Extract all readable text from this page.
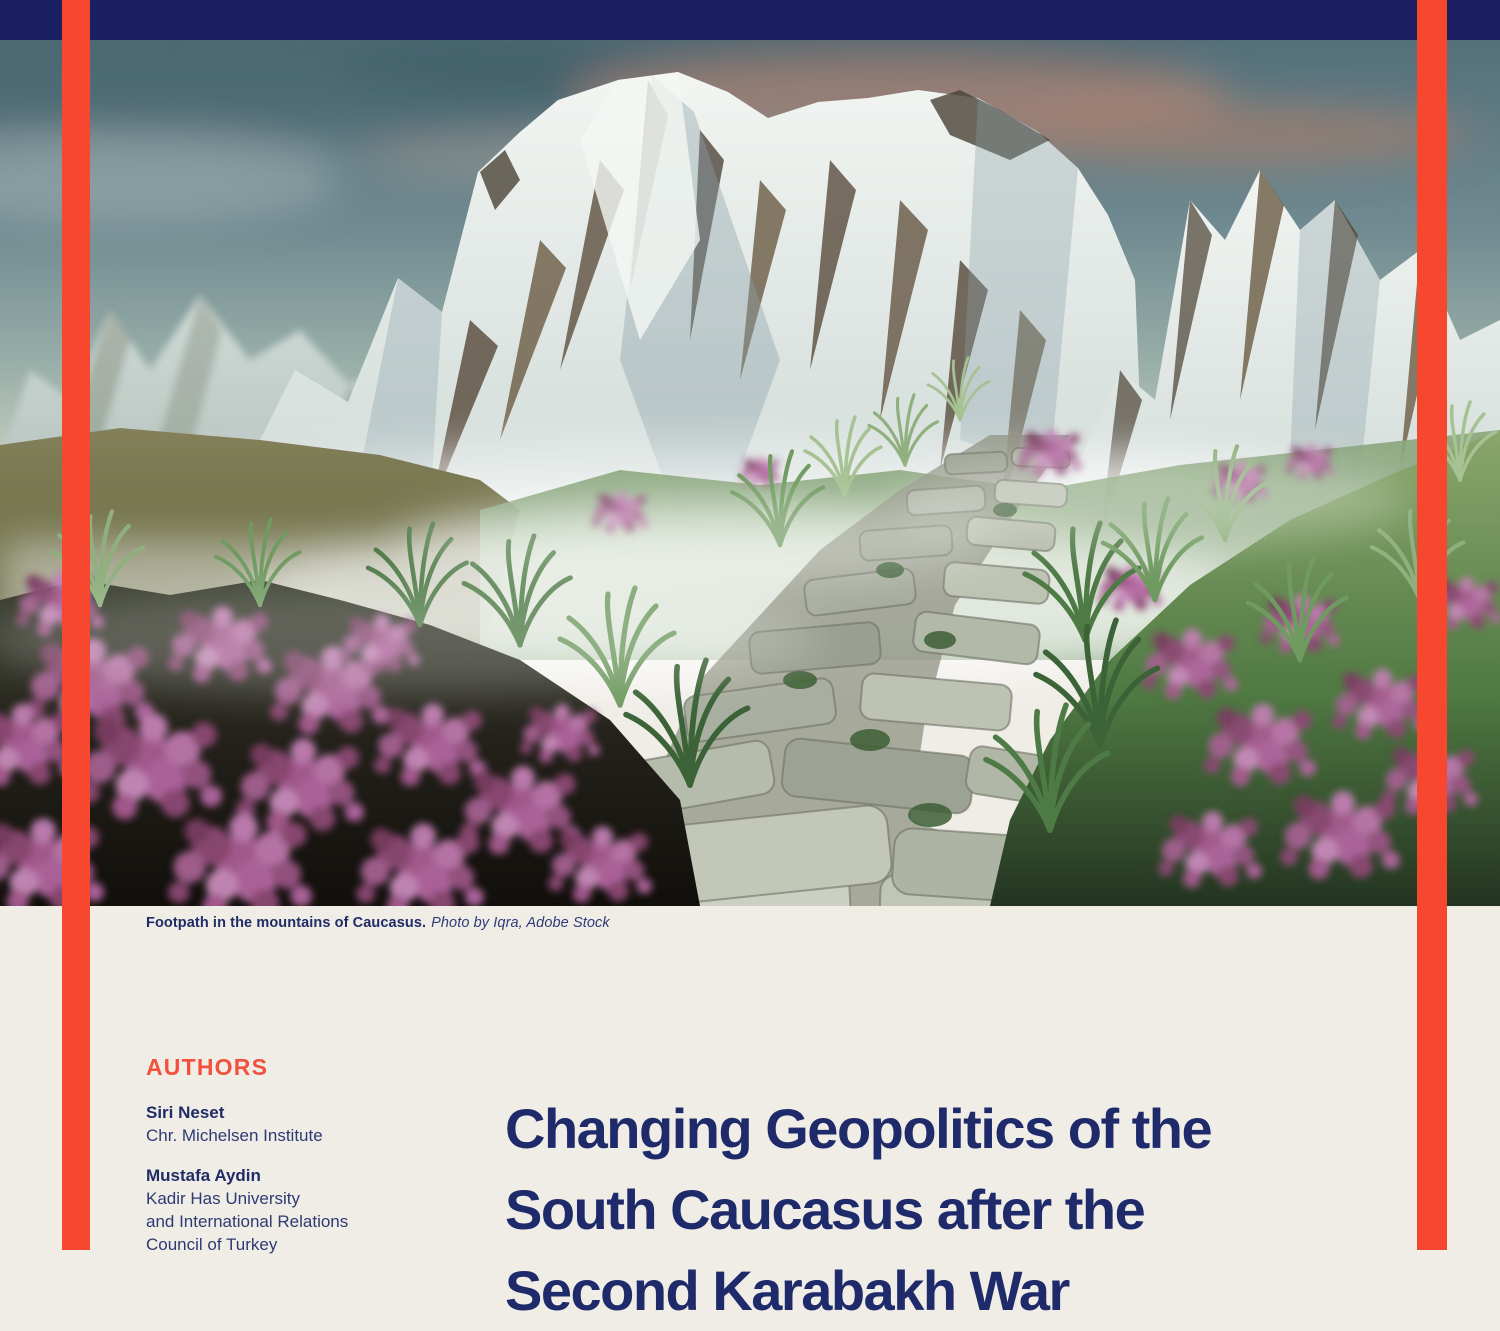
Footpath in the mountains of Caucasus. Photo by Iqra, Adobe Stock
AUTHORS
Siri Neset
Chr. Michelsen Institute
Mustafa Aydin
Kadir Has University
and International Relations
Council of Turkey
Changing Geopolitics of the
South Caucasus after the
Second Karabakh War
